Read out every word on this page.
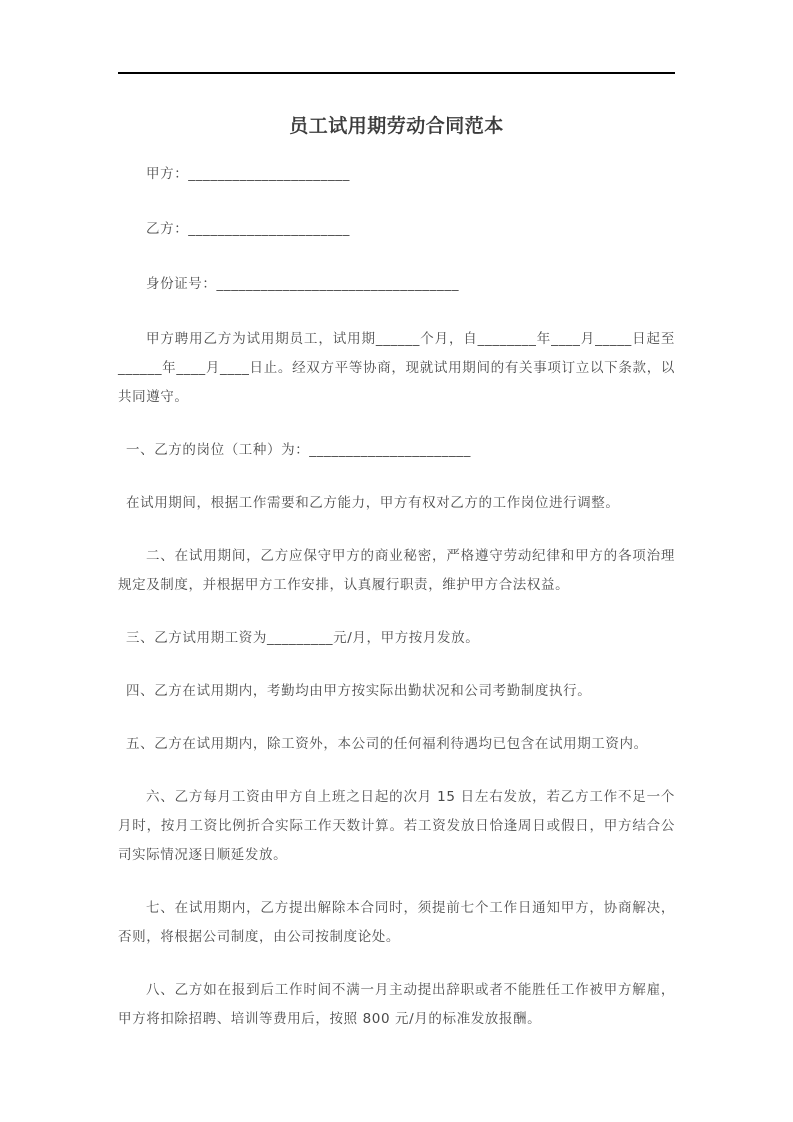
员工试用期劳动合同范本

甲方：______________________

乙方：______________________

身份证号：_________________________________

甲方聘用乙方为试用期员工，试用期______个月，自________年____月_____日起至______年____月____日止。经双方平等协商，现就试用期间的有关事项订立以下条款，以共同遵守。

一、乙方的岗位（工种）为：______________________

在试用期间，根据工作需要和乙方能力，甲方有权对乙方的工作岗位进行调整。

二、在试用期间，乙方应保守甲方的商业秘密，严格遵守劳动纪律和甲方的各项治理规定及制度，并根据甲方工作安排，认真履行职责，维护甲方合法权益。

三、乙方试用期工资为_________元/月，甲方按月发放。

四、乙方在试用期内，考勤均由甲方按实际出勤状况和公司考勤制度执行。

五、乙方在试用期内，除工资外，本公司的任何福利待遇均已包含在试用期工资内。

六、乙方每月工资由甲方自上班之日起的次月 15 日左右发放，若乙方工作不足一个月时，按月工资比例折合实际工作天数计算。若工资发放日恰逢周日或假日，甲方结合公司实际情况逐日顺延发放。

七、在试用期内，乙方提出解除本合同时，须提前七个工作日通知甲方，协商解决，否则，将根据公司制度，由公司按制度论处。

八、乙方如在报到后工作时间不满一月主动提出辞职或者不能胜任工作被甲方解雇，甲方将扣除招聘、培训等费用后，按照 800 元/月的标准发放报酬。
